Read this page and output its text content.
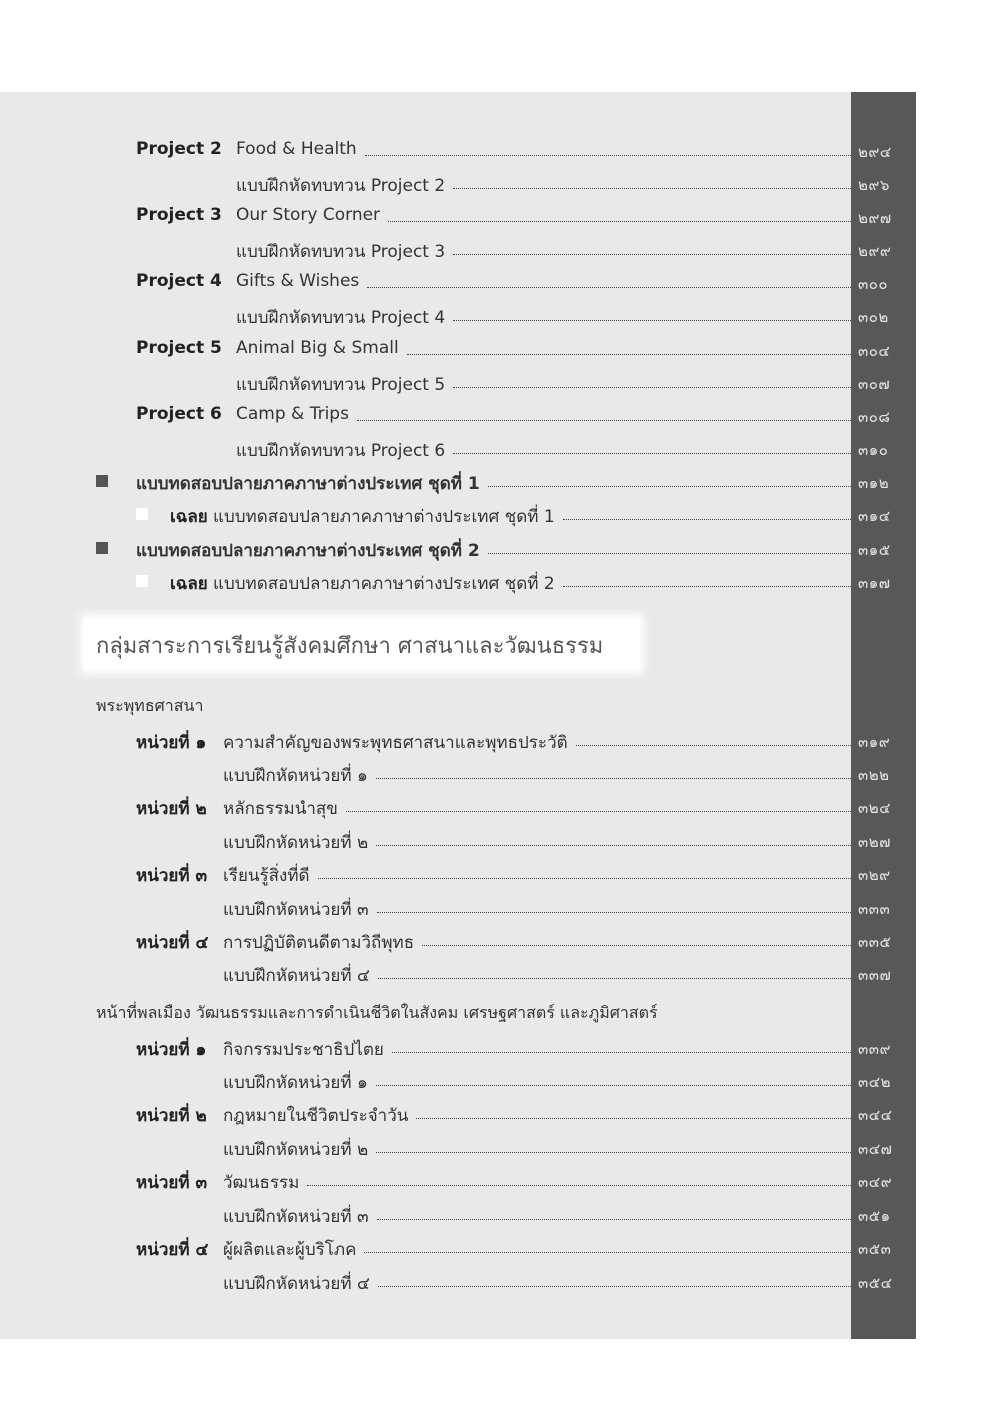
Project 2 Food & Health	๒๙๔
แบบฝึกหัดทบทวน Project 2	๒๙๖
Project 3 Our Story Corner	๒๙๗
แบบฝึกหัดทบทวน Project 3	๒๙๙
Project 4 Gifts & Wishes	๓๐๐
แบบฝึกหัดทบทวน Project 4	๓๐๒
Project 5 Animal Big & Small	๓๐๔
แบบฝึกหัดทบทวน Project 5	๓๐๗
Project 6 Camp & Trips	๓๐๘
แบบฝึกหัดทบทวน Project 6	๓๑๐
แบบทดสอบปลายภาคภาษาต่างประเทศ ชุดที่ 1	๓๑๒
เฉลย แบบทดสอบปลายภาคภาษาต่างประเทศ ชุดที่ 1	๓๑๔
แบบทดสอบปลายภาคภาษาต่างประเทศ ชุดที่ 2	๓๑๕
เฉลย แบบทดสอบปลายภาคภาษาต่างประเทศ ชุดที่ 2	๓๑๗
กลุ่มสาระการเรียนรู้สังคมศึกษา ศาสนาและวัฒนธรรม
พระพุทธศาสนา
หน่วยที่ ๑ ความสำคัญของพระพุทธศาสนาและพุทธประวัติ	๓๑๙
แบบฝึกหัดหน่วยที่ ๑	๓๒๒
หน่วยที่ ๒ หลักธรรมนำสุข	๓๒๔
แบบฝึกหัดหน่วยที่ ๒	๓๒๗
หน่วยที่ ๓ เรียนรู้สิ่งที่ดี	๓๒๙
แบบฝึกหัดหน่วยที่ ๓	๓๓๓
หน่วยที่ ๔ การปฏิบัติตนดีตามวิถีพุทธ	๓๓๕
แบบฝึกหัดหน่วยที่ ๔	๓๓๗
หน้าที่พลเมือง วัฒนธรรมและการดำเนินชีวิตในสังคม เศรษฐศาสตร์ และภูมิศาสตร์
หน่วยที่ ๑ กิจกรรมประชาธิปไตย	๓๓๙
แบบฝึกหัดหน่วยที่ ๑	๓๔๒
หน่วยที่ ๒ กฎหมายในชีวิตประจำวัน	๓๔๔
แบบฝึกหัดหน่วยที่ ๒	๓๔๗
หน่วยที่ ๓ วัฒนธรรม	๓๔๙
แบบฝึกหัดหน่วยที่ ๓	๓๕๑
หน่วยที่ ๔ ผู้ผลิตและผู้บริโภค	๓๕๓
แบบฝึกหัดหน่วยที่ ๔	๓๕๔
